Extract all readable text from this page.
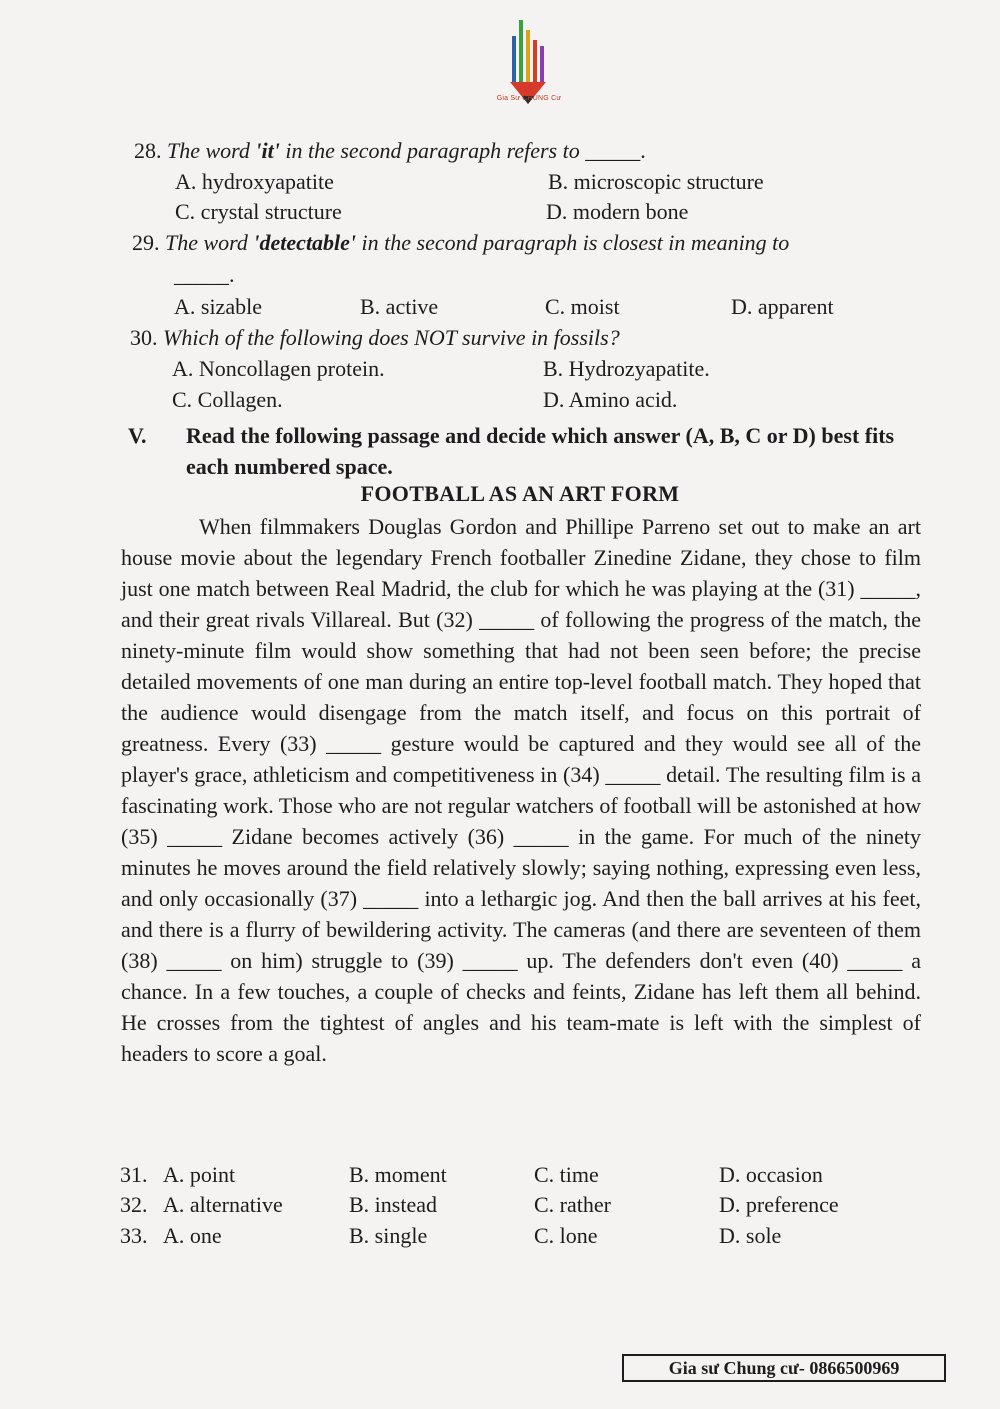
Gia Sư CHUNG Cư
28. The word 'it' in the second paragraph refers to _____.
A. hydroxyapatite	B. microscopic structure
C. crystal structure	D. modern bone
29. The word 'detectable' in the second paragraph is closest in meaning to
_____.
A. sizable	B. active	C. moist	D. apparent
30. Which of the following does NOT survive in fossils?
A. Noncollagen protein.	B. Hydrozyapatite.
C. Collagen.	D. Amino acid.
V. Read the following passage and decide which answer (A, B, C or D) best fits each numbered space.
FOOTBALL AS AN ART FORM

When filmmakers Douglas Gordon and Phillipe Parreno set out to make an art house movie about the legendary French footballer Zinedine Zidane, they chose to film just one match between Real Madrid, the club for which he was playing at the (31) _____, and their great rivals Villareal. But (32) _____ of following the progress of the match, the ninety-minute film would show something that had not been seen before; the precise detailed movements of one man during an entire top-level football match. They hoped that the audience would disengage from the match itself, and focus on this portrait of greatness. Every (33) _____ gesture would be captured and they would see all of the player's grace, athleticism and competitiveness in (34) _____ detail. The resulting film is a fascinating work. Those who are not regular watchers of football will be astonished at how (35) _____ Zidane becomes actively (36) _____ in the game. For much of the ninety minutes he moves around the field relatively slowly; saying nothing, expressing even less, and only occasionally (37) _____ into a lethargic jog. And then the ball arrives at his feet, and there is a flurry of bewildering activity. The cameras (and there are seventeen of them (38) _____ on him) struggle to (39) _____ up. The defenders don't even (40) _____ a chance. In a few touches, a couple of checks and feints, Zidane has left them all behind. He crosses from the tightest of angles and his team-mate is left with the simplest of headers to score a goal.

31. A. point	B. moment	C. time	D. occasion
32. A. alternative	B. instead	C. rather	D. preference
33. A. one	B. single	C. lone	D. sole
Gia sư Chung cư- 0866500969
